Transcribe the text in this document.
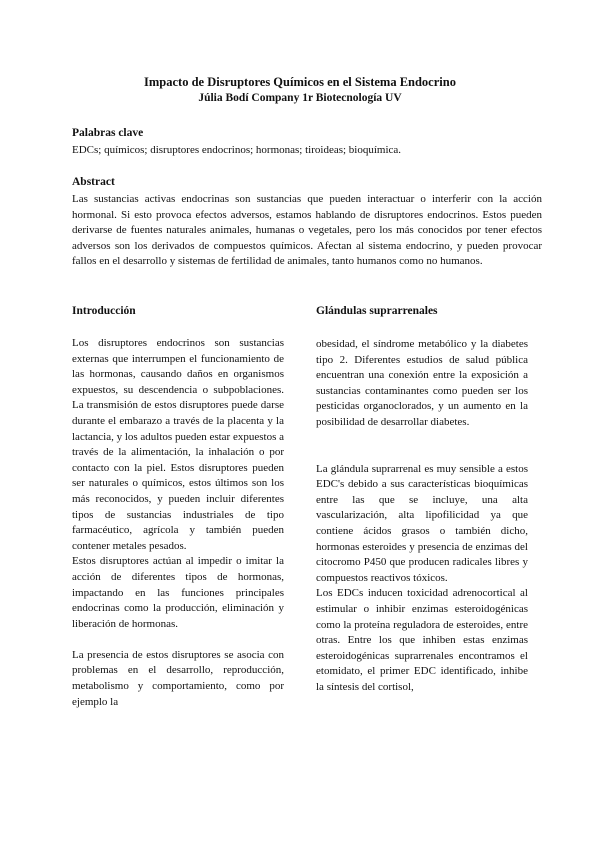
Impacto de Disruptores Químicos en el Sistema Endocrino
Júlia Bodí Company 1r Biotecnología UV
Palabras clave
EDCs; químicos; disruptores endocrinos; hormonas; tiroideas; bioquímica.
Abstract
Las sustancias activas endocrinas son sustancias que pueden interactuar o interferir con la acción hormonal. Si esto provoca efectos adversos, estamos hablando de disruptores endocrinos. Estos pueden derivarse de fuentes naturales animales, humanas o vegetales, pero los más conocidos por tener efectos adversos son los derivados de compuestos químicos. Afectan al sistema endocrino, y pueden provocar fallos en el desarrollo y sistemas de fertilidad de animales, tanto humanos como no humanos.
Introducción	Glándulas suprarrenales

Los disruptores endocrinos son sustancias externas que interrumpen el funcionamiento de las hormonas, causando daños en organismos expuestos, su descendencia o subpoblaciones. La transmisión de estos disruptores puede darse durante el embarazo a través de la placenta y la lactancia, y los adultos pueden estar expuestos a través de la alimentación, la inhalación o por contacto con la piel. Estos disruptores pueden ser naturales o químicos, estos últimos son los más reconocidos, y pueden incluir diferentes tipos de sustancias industriales de tipo farmacéutico, agrícola y también pueden contener metales pesados.

Estos disruptores actúan al impedir o imitar la acción de diferentes tipos de hormonas, impactando en las funciones principales endocrinas como la producción, eliminación y liberación de hormonas.

La presencia de estos disruptores se asocia con problemas en el desarrollo, reproducción, metabolismo y comportamiento, como por ejemplo la

obesidad, el síndrome metabólico y la diabetes tipo 2. Diferentes estudios de salud pública encuentran una conexión entre la exposición a sustancias contaminantes como pueden ser los pesticidas organoclorados, y un aumento en la posibilidad de desarrollar diabetes.

La glándula suprarrenal es muy sensible a estos EDC's debido a sus características bioquímicas entre las que se incluye, una alta vascularización, alta lipofilicidad ya que contiene ácidos grasos o también dicho, hormonas esteroides y presencia de enzimas del citocromo P450 que producen radicales libres y compuestos reactivos tóxicos.

Los EDCs inducen toxicidad adrenocortical al estimular o inhibir enzimas esteroidogénicas como la proteína reguladora de esteroides, entre otras. Entre los que inhiben estas enzimas esteroidogénicas suprarrenales encontramos el etomidato, el primer EDC identificado, inhibe la síntesis del cortisol,
